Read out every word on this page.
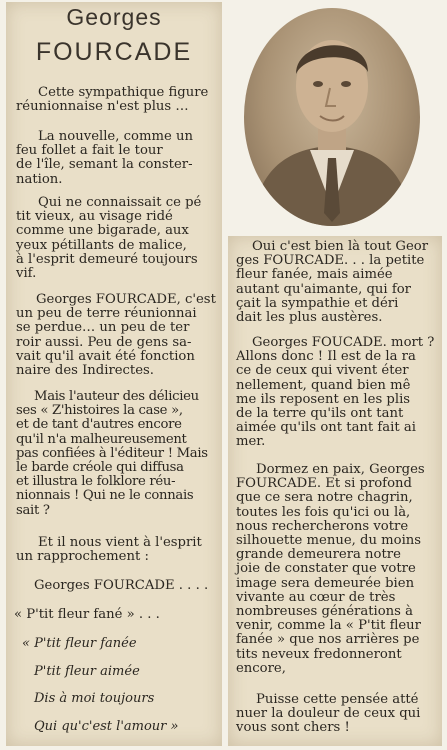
Georges
FOURCADE
Cette sympathique figure
réunionnaise n'est plus …
La nouvelle, comme un
feu follet a fait le tour
de l'île, semant la conster-
nation.
Qui ne connaissait ce pé
tit vieux, au visage ridé
comme une bigarade, aux
yeux pétillants de malice,
à l'esprit demeuré toujours
vif.
Georges FOURCADE, c'est
un peu de terre réunionnai
se perdue… un peu de ter
roir aussi. Peu de gens sa-
vait qu'il avait été fonction
naire des Indirectes.
Mais l'auteur des délicieu
ses « Z'histoires la case »,
et de tant d'autres encore
qu'il n'a malheureusement
pas confiées à l'éditeur ! Mais
le barde créole qui diffusa
et illustra le folklore réu-
nionnais ! Qui ne le connais
sait ?
Et il nous vient à l'esprit
un rapprochement :
Georges FOURCADE . . . .
« P'tit fleur fané » . . .
« P'tit fleur fanée
P'tit fleur aimée
Dis à moi toujours
Qui qu'c'est l'amour »
Oui c'est bien là tout Geor
ges FOURCADE. . . la petite
fleur fanée, mais aimée
autant qu'aimante, qui for
çait la sympathie et déri
dait les plus austères.
Georges FOUCADE. mort ?
Allons donc ! Il est de la ra
ce de ceux qui vivent éter
nellement, quand bien mê
me ils reposent en les plis
de la terre qu'ils ont tant
aimée qu'ils ont tant fait ai
mer.
Dormez en paix, Georges
FOURCADE. Et si profond
que ce sera notre chagrin,
toutes les fois qu'ici ou là,
nous rechercherons votre
silhouette menue, du moins
grande demeurera notre
joie de constater que votre
image sera demeurée bien
vivante au cœur de très
nombreuses générations à
venir, comme la « P'tit fleur
fanée » que nos arrières pe
tits neveux fredonneront
encore,
Puisse cette pensée atté
nuer la douleur de ceux qui
vous sont chers !
